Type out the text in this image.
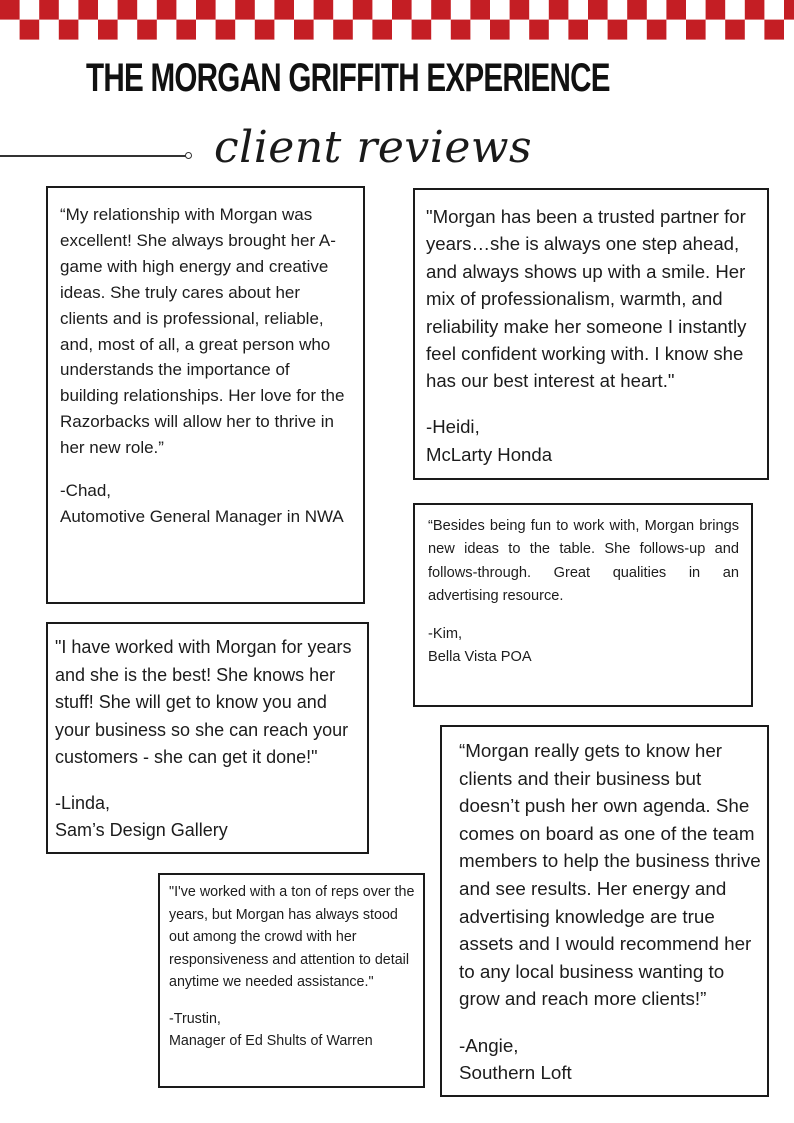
THE MORGAN GRIFFITH EXPERIENCE

client reviews

“My relationship with Morgan was excellent! She always brought her A-game with high energy and creative ideas. She truly cares about her clients and is professional, reliable, and, most of all, a great person who understands the importance of building relationships. Her love for the Razorbacks will allow her to thrive in her new role.”

-Chad,

Automotive General Manager in NWA

"Morgan has been a trusted partner for years…she is always one step ahead, and always shows up with a smile. Her mix of professionalism, warmth, and reliability make her someone I instantly feel confident working with. I know she has our best interest at heart."

-Heidi,

McLarty Honda

“Besides being fun to work with, Morgan brings new ideas to the table. She follows-up and follows-through. Great qualities in an advertising resource.

-Kim,

Bella Vista POA

"I have worked with Morgan for years and she is the best! She knows her stuff! She will get to know you and your business so she can reach your customers - she can get it done!"

-Linda,

Sam’s Design Gallery

"I've worked with a ton of reps over the years, but Morgan has always stood out among the crowd with her responsiveness and attention to detail anytime we needed assistance."

-Trustin,

Manager of Ed Shults of Warren

“Morgan really gets to know her clients and their business but doesn’t push her own agenda. She comes on board as one of the team members to help the business thrive and see results. Her energy and advertising knowledge are true assets and I would recommend her to any local business wanting to grow and reach more clients!”

-Angie,

Southern Loft
